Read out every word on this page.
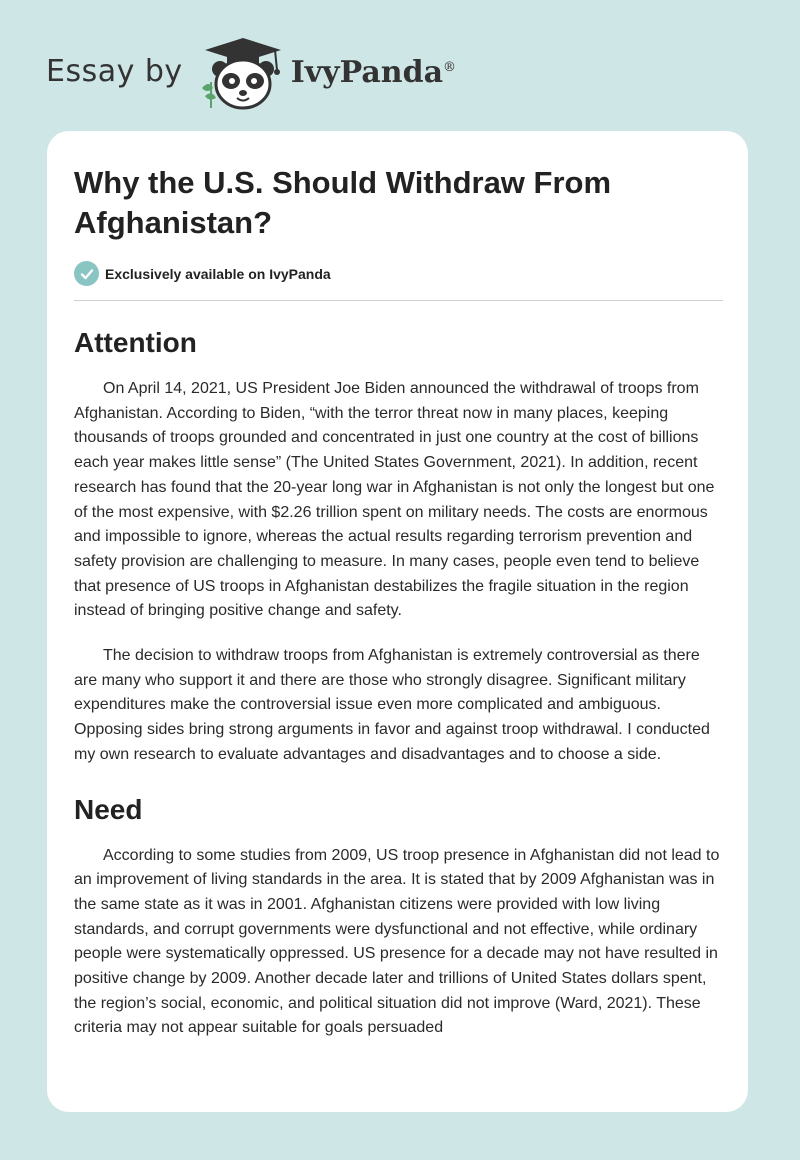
Essay by	IvyPanda®
Why the U.S. Should Withdraw From Afghanistan?
Exclusively available on IvyPanda
Attention

On April 14, 2021, US President Joe Biden announced the withdrawal of troops from Afghanistan. According to Biden, “with the terror threat now in many places, keeping thousands of troops grounded and concentrated in just one country at the cost of billions each year makes little sense” (The United States Government, 2021). In addition, recent research has found that the 20-year long war in Afghanistan is not only the longest but one of the most expensive, with $2.26 trillion spent on military needs. The costs are enormous and impossible to ignore, whereas the actual results regarding terrorism prevention and safety provision are challenging to measure. In many cases, people even tend to believe that presence of US troops in Afghanistan destabilizes the fragile situation in the region instead of bringing positive change and safety.

The decision to withdraw troops from Afghanistan is extremely controversial as there are many who support it and there are those who strongly disagree. Significant military expenditures make the controversial issue even more complicated and ambiguous. Opposing sides bring strong arguments in favor and against troop withdrawal. I conducted my own research to evaluate advantages and disadvantages and to choose a side.

Need

According to some studies from 2009, US troop presence in Afghanistan did not lead to an improvement of living standards in the area. It is stated that by 2009 Afghanistan was in the same state as it was in 2001. Afghanistan citizens were provided with low living standards, and corrupt governments were dysfunctional and not effective, while ordinary people were systematically oppressed. US presence for a decade may not have resulted in positive change by 2009. Another decade later and trillions of United States dollars spent, the region’s social, economic, and political situation did not improve (Ward, 2021). These criteria may not appear suitable for goals persuaded
